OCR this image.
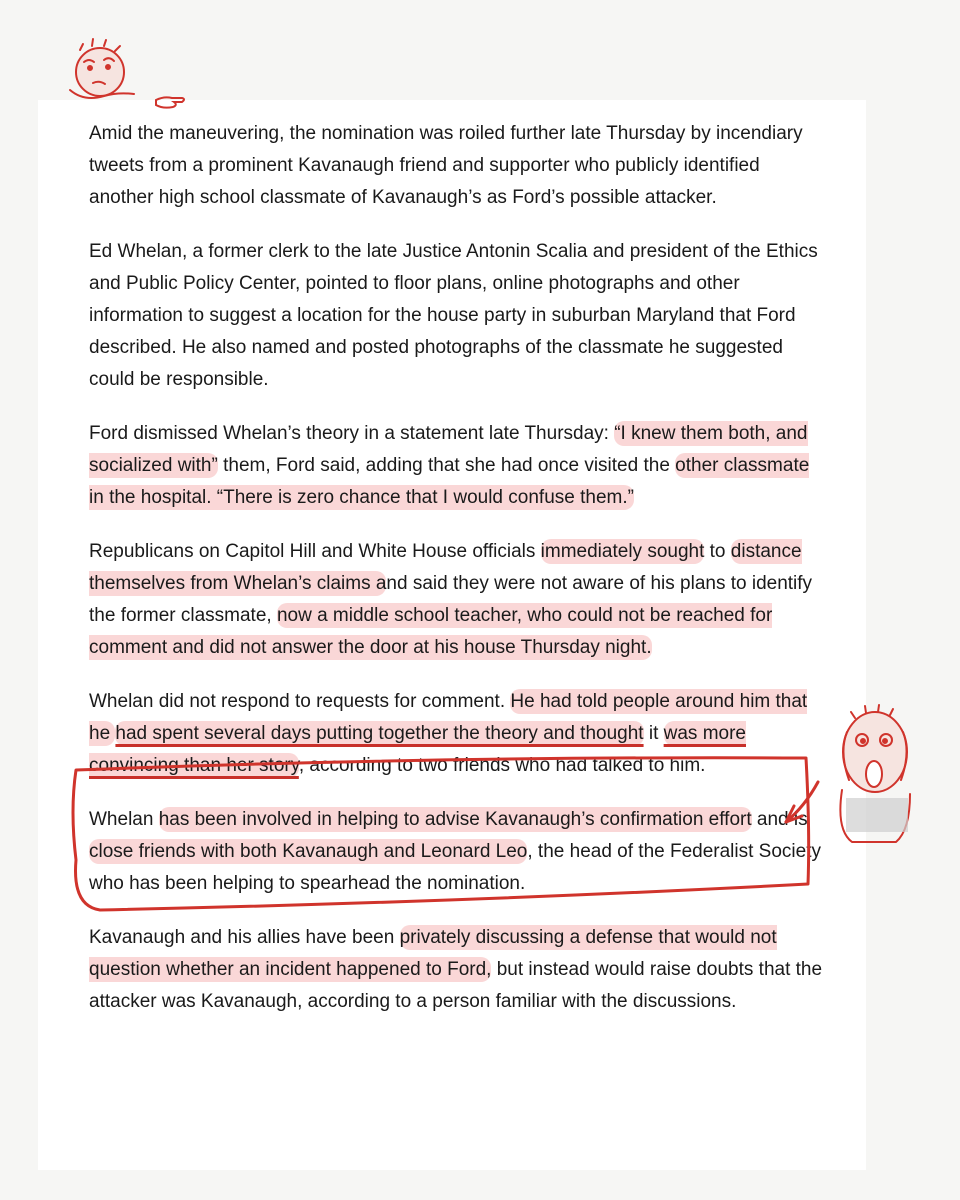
Amid the maneuvering, the nomination was roiled further late Thursday by incendiary tweets from a prominent Kavanaugh friend and supporter who publicly identified another high school classmate of Kavanaugh’s as Ford’s possible attacker.

Ed Whelan, a former clerk to the late Justice Antonin Scalia and president of the Ethics and Public Policy Center, pointed to floor plans, online photographs and other information to suggest a location for the house party in suburban Maryland that Ford described. He also named and posted photographs of the classmate he suggested could be responsible.

Ford dismissed Whelan’s theory in a statement late Thursday: “I knew them both, and socialized with” them, Ford said, adding that she had once visited the other classmate in the hospital. “There is zero chance that I would confuse them.”

Republicans on Capitol Hill and White House officials immediately sought to distance themselves from Whelan’s claims and said they were not aware of his plans to identify the former classmate, now a middle school teacher, who could not be reached for comment and did not answer the door at his house Thursday night.

Whelan did not respond to requests for comment. He had told people around him that he had spent several days putting together the theory and thought it was more convincing than her story, according to two friends who had talked to him.

Whelan has been involved in helping to advise Kavanaugh’s confirmation effort and is close friends with both Kavanaugh and Leonard Leo, the head of the Federalist Society who has been helping to spearhead the nomination.

Kavanaugh and his allies have been privately discussing a defense that would not question whether an incident happened to Ford, but instead would raise doubts that the attacker was Kavanaugh, according to a person familiar with the discussions.
